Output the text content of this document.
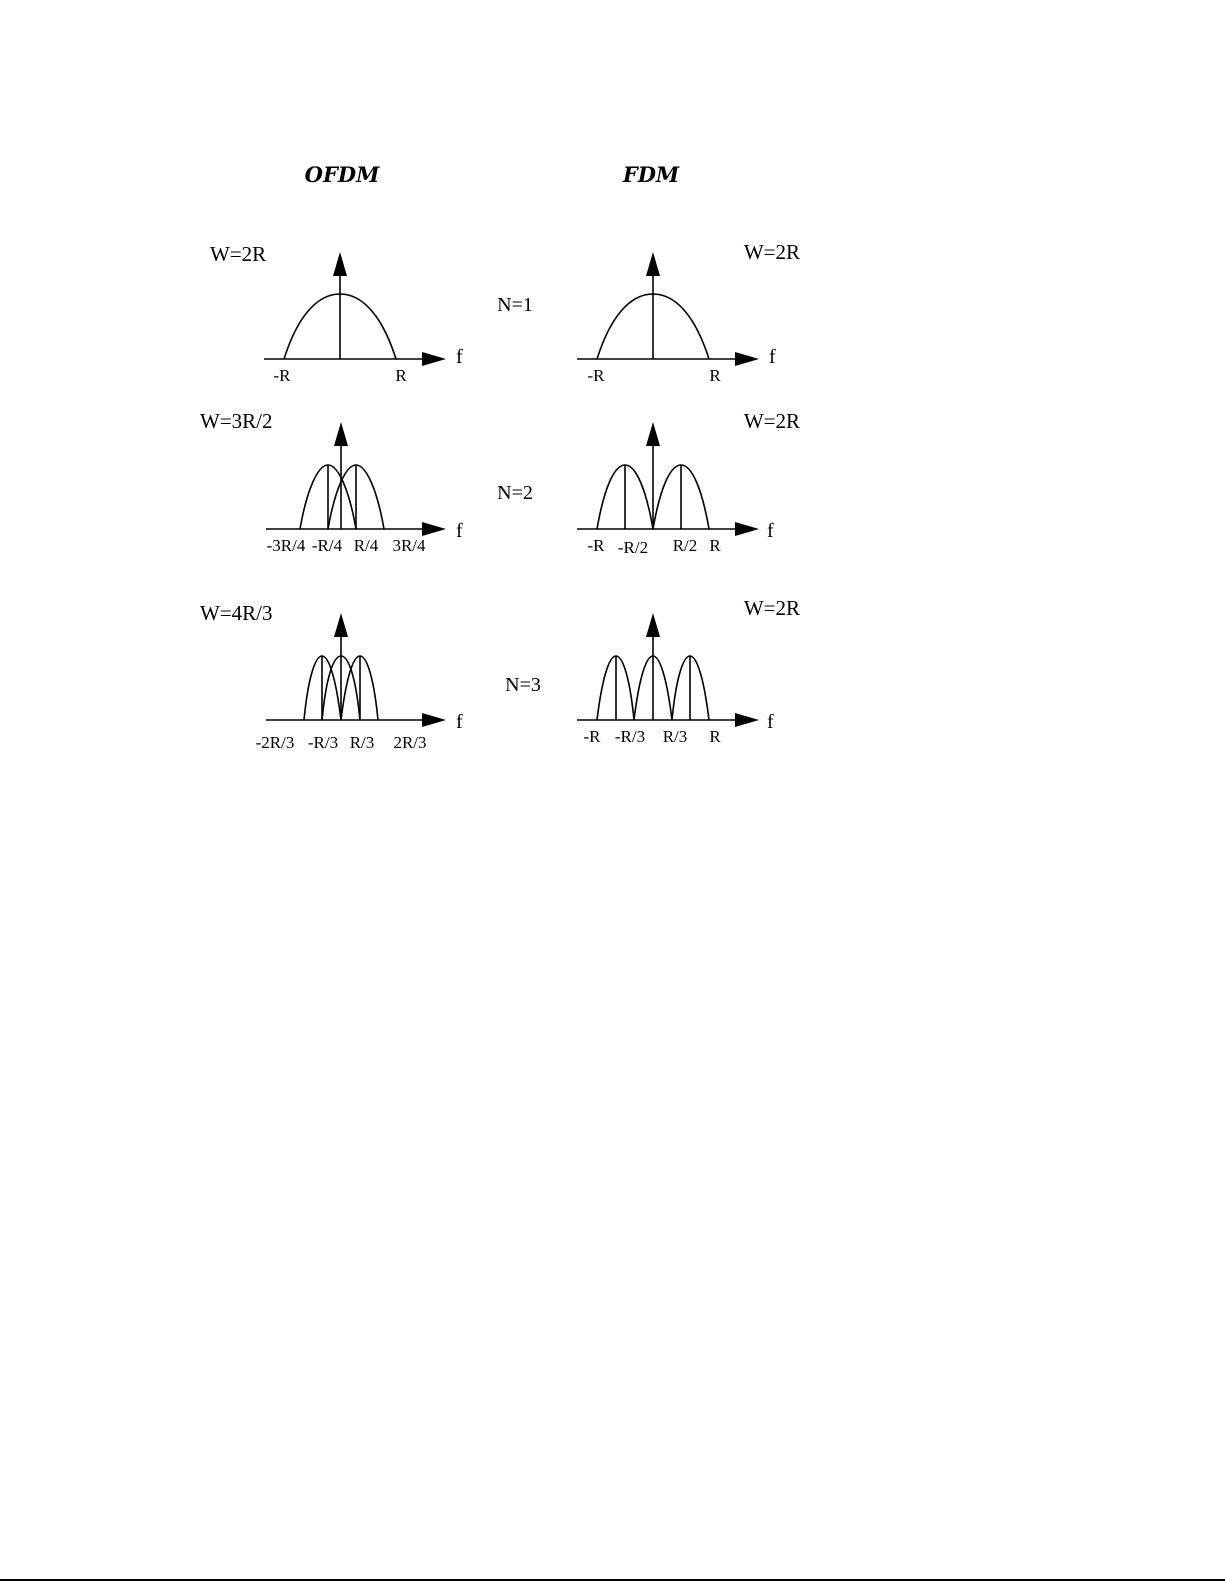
OFDM	FDM
W=2R	W=2R
N=1
-R	R
f
-R	R
f
W=3R/2	W=2R
N=2
-3R/4 -R/4 R/4 3R/4
f
-R -R/2 R/2 R
f
W=4R/3	W=2R
N=3
-2R/3 -R/3 R/3 2R/3
f
-R -R/3 R/3 R
f
